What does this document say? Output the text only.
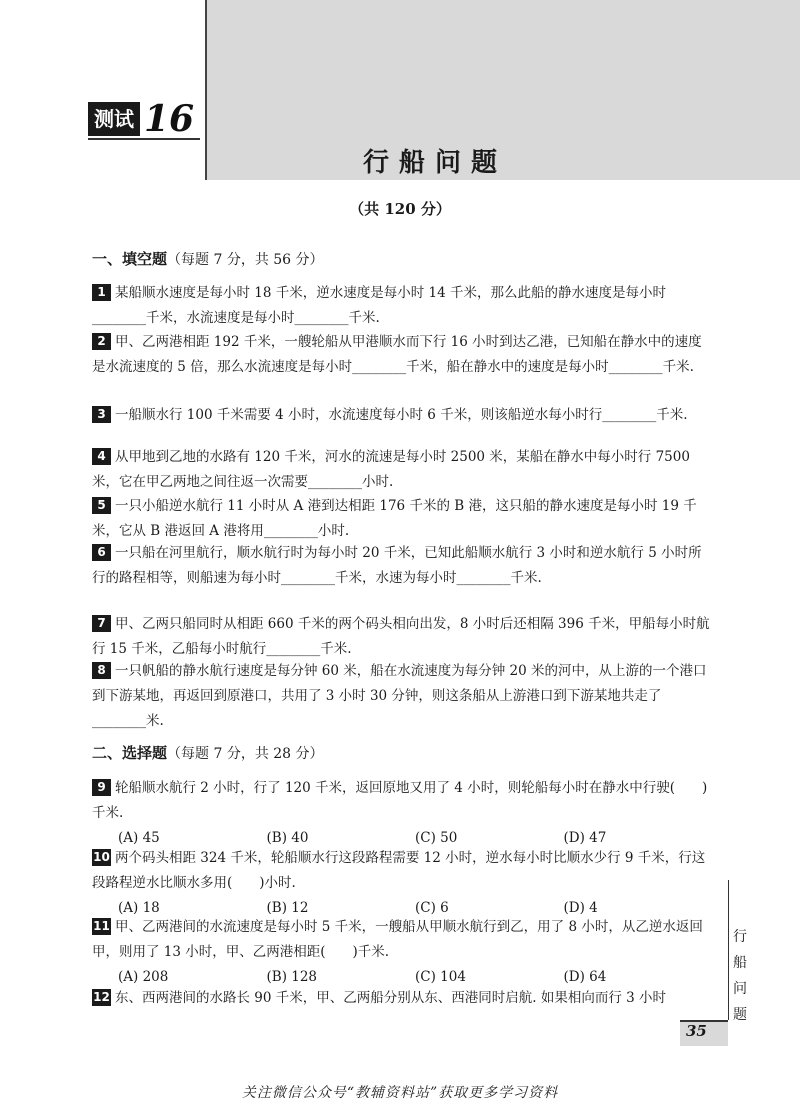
测试 16
行船问题
（共 120 分）
一、填空题（每题 7 分，共 56 分）
1 某船顺水速度是每小时 18 千米，逆水速度是每小时 14 千米，那么此船的静水速度是每小时________千米，水流速度是每小时________千米.
2 甲、乙两港相距 192 千米，一艘轮船从甲港顺水而下行 16 小时到达乙港，已知船在静水中的速度是水流速度的 5 倍，那么水流速度是每小时________千米，船在静水中的速度是每小时________千米.
3 一船顺水行 100 千米需要 4 小时，水流速度每小时 6 千米，则该船逆水每小时行________千米.
4 从甲地到乙地的水路有 120 千米，河水的流速是每小时 2500 米，某船在静水中每小时行 7500 米，它在甲乙两地之间往返一次需要________小时.
5 一只小船逆水航行 11 小时从 A 港到达相距 176 千米的 B 港，这只船的静水速度是每小时 19 千米，它从 B 港返回 A 港将用________小时.
6 一只船在河里航行，顺水航行时为每小时 20 千米，已知此船顺水航行 3 小时和逆水航行 5 小时所行的路程相等，则船速为每小时________千米，水速为每小时________千米.
7 甲、乙两只船同时从相距 660 千米的两个码头相向出发，8 小时后还相隔 396 千米，甲船每小时航行 15 千米，乙船每小时航行________千米.
8 一只帆船的静水航行速度是每分钟 60 米，船在水流速度为每分钟 20 米的河中，从上游的一个港口到下游某地，再返回到原港口，共用了 3 小时 30 分钟，则这条船从上游港口到下游某地共走了________米.
二、选择题（每题 7 分，共 28 分）
9 轮船顺水航行 2 小时，行了 120 千米，返回原地又用了 4 小时，则轮船每小时在静水中行驶(　　)千米.
(A) 45	(B) 40	(C) 50	(D) 47
10 两个码头相距 324 千米，轮船顺水行这段路程需要 12 小时，逆水每小时比顺水少行 9 千米，行这段路程逆水比顺水多用(　　)小时.
(A) 18	(B) 12	(C) 6	(D) 4
11 甲、乙两港间的水流速度是每小时 5 千米，一艘船从甲顺水航行到乙，用了 8 小时，从乙逆水返回甲，则用了 13 小时，甲、乙两港相距(　　)千米.
(A) 208	(B) 128	(C) 104	(D) 64
12 东、西两港间的水路长 90 千米，甲、乙两船分别从东、西港同时启航. 如果相向而行 3 小时
行船问题
35
关注微信公众号“教辅资料站”获取更多学习资料
